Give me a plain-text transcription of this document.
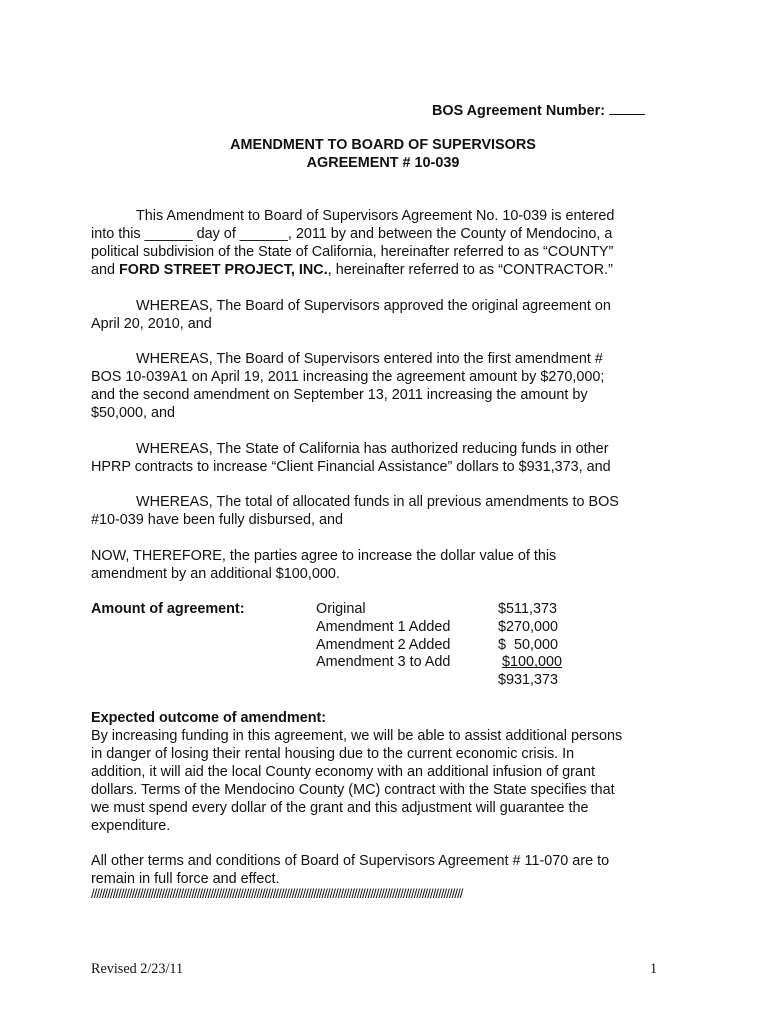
BOS Agreement Number:
AMENDMENT TO BOARD OF SUPERVISORS
AGREEMENT # 10-039
This Amendment to Board of Supervisors Agreement No. 10-039 is entered
into this ______ day of ______, 2011 by and between the County of Mendocino, a
political subdivision of the State of California, hereinafter referred to as “COUNTY”
and FORD STREET PROJECT, INC., hereinafter referred to as “CONTRACTOR.”
WHEREAS, The Board of Supervisors approved the original agreement on
April 20, 2010, and
WHEREAS, The Board of Supervisors entered into the first amendment #
BOS 10-039A1 on April 19, 2011 increasing the agreement amount by $270,000;
and the second amendment on September 13, 2011 increasing the amount by
$50,000, and
WHEREAS, The State of California has authorized reducing funds in other
HPRP contracts to increase “Client Financial Assistance” dollars to $931,373, and
WHEREAS, The total of allocated funds in all previous amendments to BOS
#10-039 have been fully disbursed, and
NOW, THEREFORE, the parties agree to increase the dollar value of this
amendment by an additional $100,000.
Amount of agreement:	Original	$511,373
Amendment 1 Added	$270,000
Amendment 2 Added	$  50,000
Amendment 3 to Add	$100,000
$931,373
Expected outcome of amendment:
By increasing funding in this agreement, we will be able to assist additional persons
in danger of losing their rental housing due to the current economic crisis. In
addition, it will aid the local County economy with an additional infusion of grant
dollars. Terms of the Mendocino County (MC) contract with the State specifies that
we must spend every dollar of the grant and this adjustment will guarantee the
expenditure.
All other terms and conditions of Board of Supervisors Agreement # 11-070 are to
remain in full force and effect.
/////////////////////////////////////////////////////////////////////////////////////////////////////////////////////////////////////////
Revised 2/23/11	1
